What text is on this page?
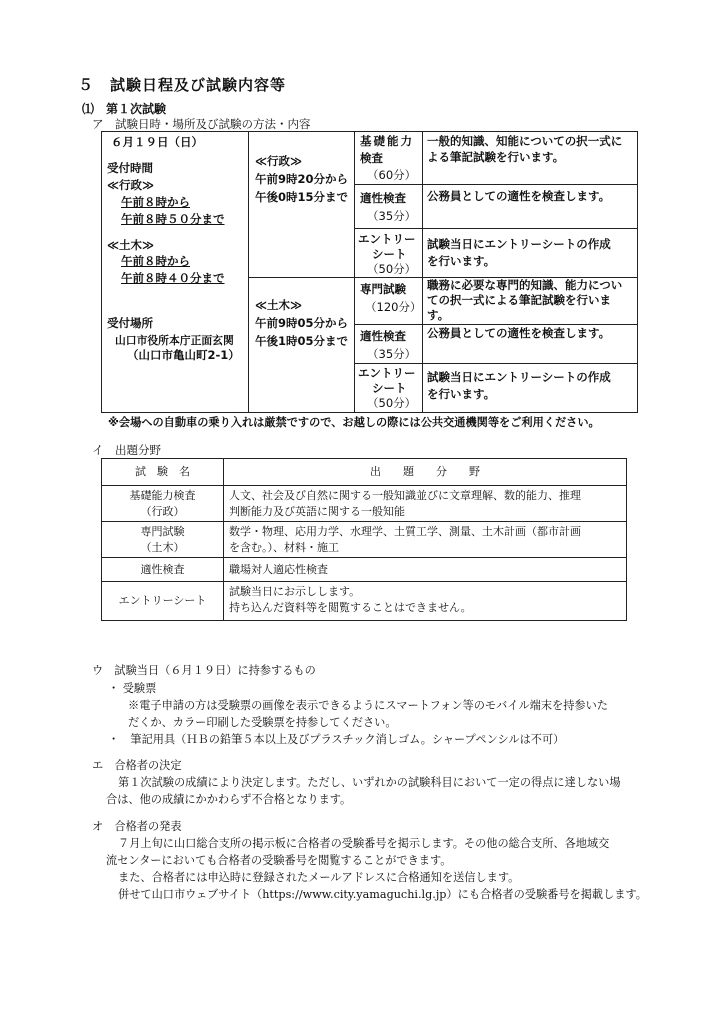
５　試験日程及び試験内容等
⑴　第１次試験
ア　試験日時・場所及び試験の方法・内容
６月１９日（日）
受付時間
≪行政≫
午前８時から
午前８時５０分まで
≪土木≫
午前８時から
午前８時４０分まで
受付場所
山口市役所本庁正面玄関
（山口市亀山町2-1）
≪行政≫
午前9時20分から
午後0時15分まで
≪土木≫
午前9時05分から
午後1時05分まで
基礎能力
検査
（60分）
一般的知識、知能についての択一式に
よる筆記試験を行います。
適性検査
（35分）
公務員としての適性を検査します。
エントリー
シート
（50分）
試験当日にエントリーシートの作成
を行います。
専門試験
（120分）
職務に必要な専門的知識、能力につい
ての択一式による筆記試験を行いま
す。
適性検査
（35分）
公務員としての適性を検査します。
エントリー
シート
（50分）
試験当日にエントリーシートの作成
を行います。
※会場への自動車の乗り入れは厳禁ですので、お越しの際には公共交通機関等をご利用ください。
イ　出題分野
試　験　名	出　　題　　分　　野
基礎能力検査
（行政）
人文、社会及び自然に関する一般知識並びに文章理解、数的能力、推理
判断能力及び英語に関する一般知能
専門試験
（土木）
数学・物理、応用力学、水理学、土質工学、測量、土木計画（都市計画
を含む。）、材料・施工
適性検査	職場対人適応性検査
エントリーシート
試験当日にお示しします。
持ち込んだ資料等を閲覧することはできません。
ウ　試験当日（６月１９日）に持参するもの
・ 受験票
※電子申請の方は受験票の画像を表示できるようにスマートフォン等のモバイル端末を持参いた
だくか、カラー印刷した受験票を持参してください。
・　筆記用具（ＨＢの鉛筆５本以上及びプラスチック消しゴム。シャープペンシルは不可）
エ　合格者の決定
第１次試験の成績により決定します。ただし、いずれかの試験科目において一定の得点に達しない場
合は、他の成績にかかわらず不合格となります。
オ　合格者の発表
７月上旬に山口総合支所の掲示板に合格者の受験番号を掲示します。その他の総合支所、各地域交
流センターにおいても合格者の受験番号を閲覧することができます。
また、合格者には申込時に登録されたメールアドレスに合格通知を送信します。
併せて山口市ウェブサイト（https://www.city.yamaguchi.lg.jp）にも合格者の受験番号を掲載します。
